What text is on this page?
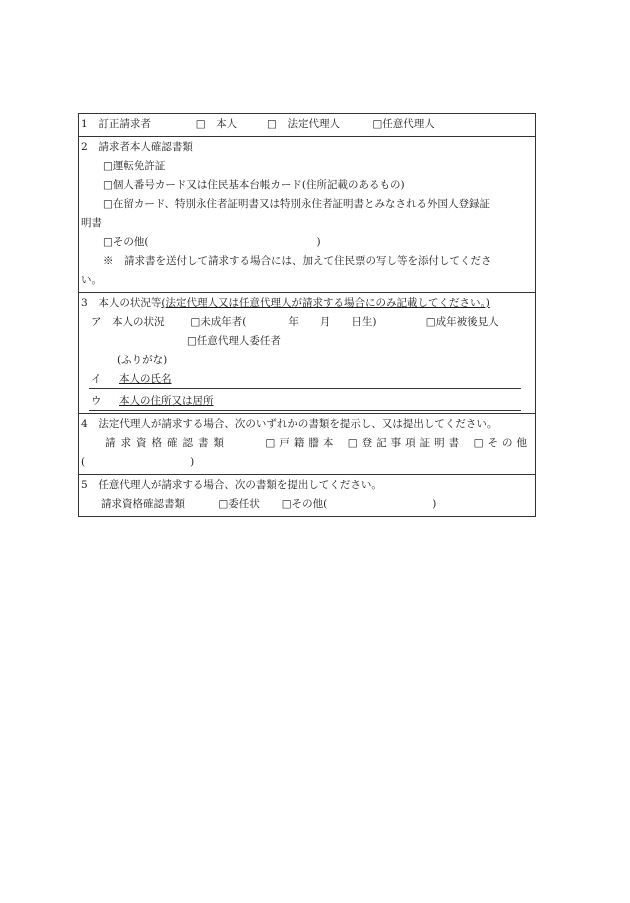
1 訂正請求者	□　本人	□　法定代理人	□任意代理人
2 請求者本人確認書類
□運転免許証
□個人番号カード又は住民基本台帳カード(住所記載のあるもの)
□在留カード、特別永住者証明書又は特別永住者証明書とみなされる外国人登録証
明書
□その他(　　　　　　　　　　　　　　　　)
※　請求書を送付して請求する場合には、加えて住民票の写し等を添付してくださ
い。
3 本人の状況等(法定代理人又は任意代理人が請求する場合にのみ記載してください。)
ア　本人の状況 □未成年者(　　　　年　　月　　日生)	□成年被後見人
□任意代理人委任者
(ふりがな)
イ 本人の氏名
ウ 本人の住所又は居所
4 法定代理人が請求する場合、次のいずれかの書類を提示し、又は提出してください。
請求資格確認書類	□戸籍謄本 □登記事項証明書 □その他
(　　　　　　　　　　)
5 任意代理人が請求する場合、次の書類を提出してください。
請求資格確認書類	□委任状 □その他(　　　　　　　　　　)
